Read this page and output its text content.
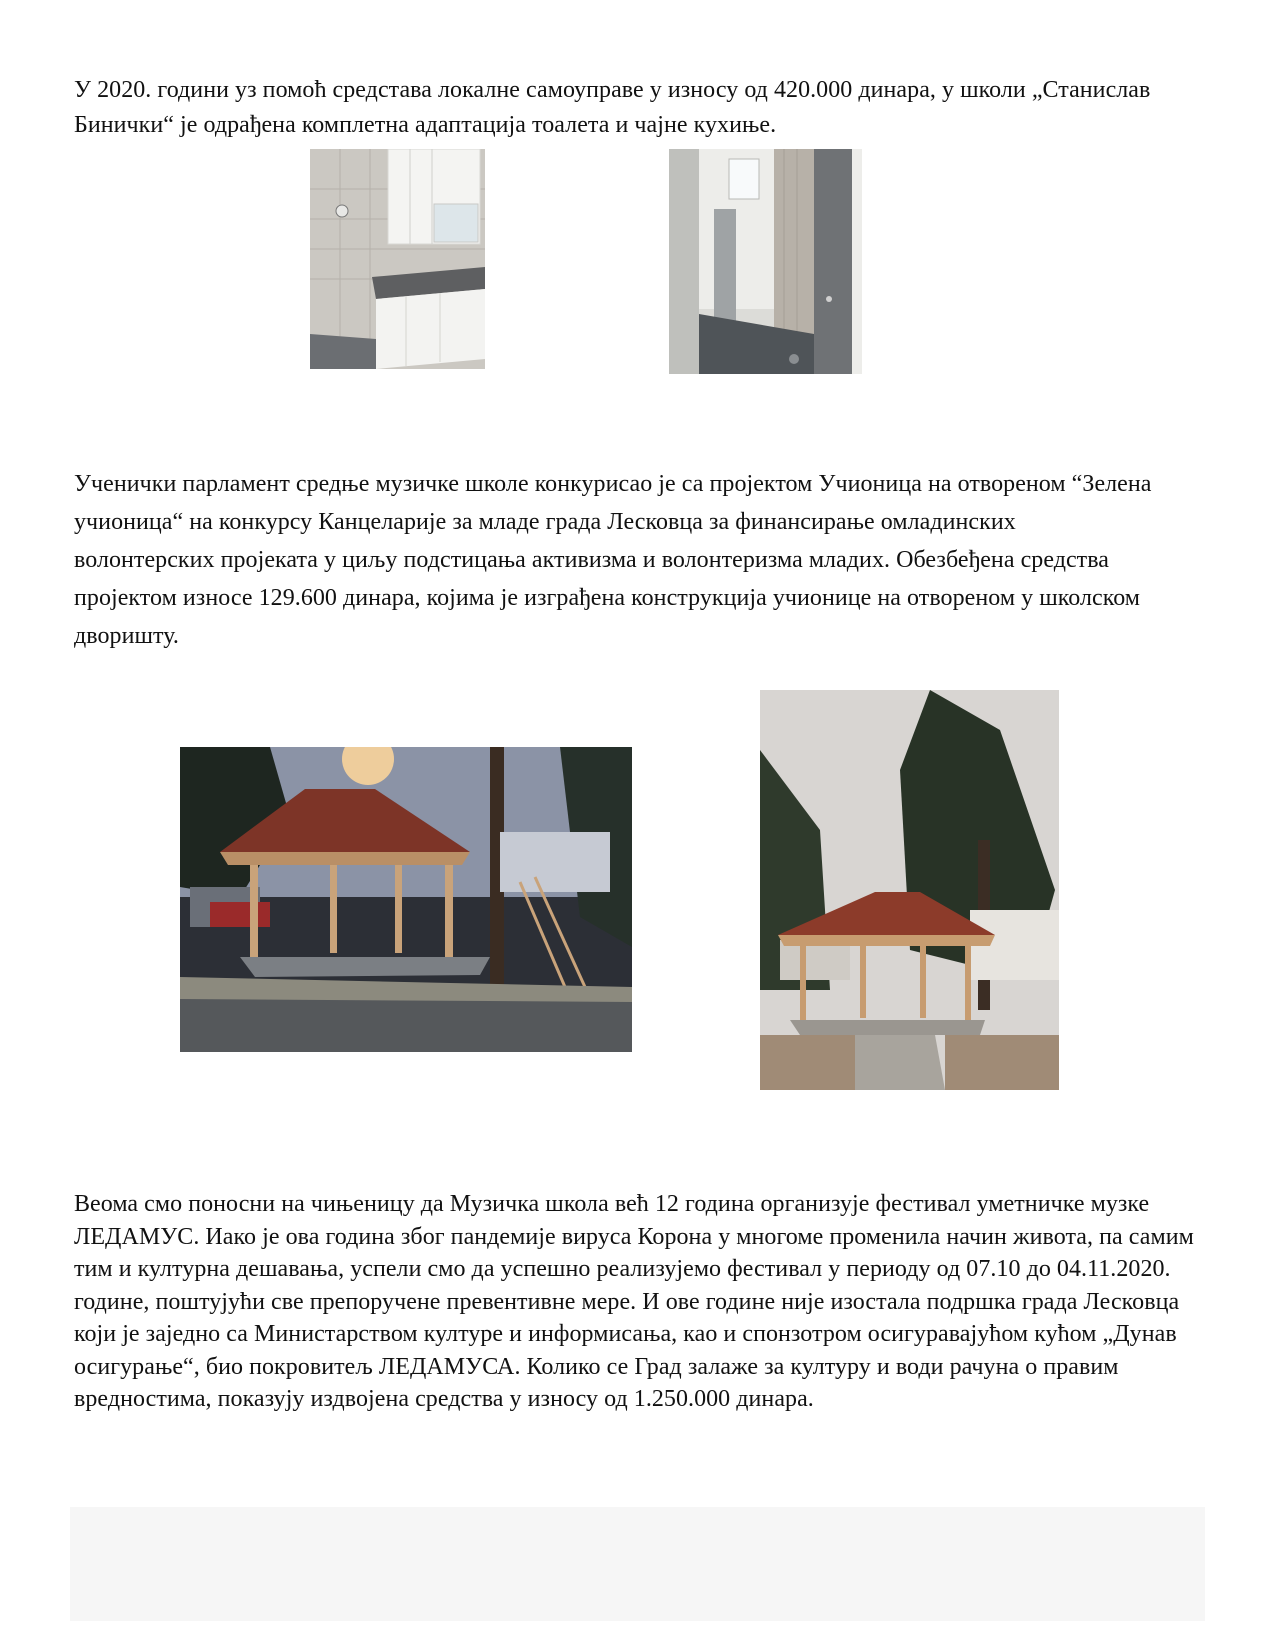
У 2020. години уз помоћ средстава локалне самоуправе у износу од 420.000 динара, у школи „Станислав Бинички“ је одрађена комплетна адаптација тоалета и чајне кухиње.

Ученички парламент средње музичке школе конкурисао је са пројектом Учионица на отвореном “Зелена учионица“ на конкурсу Канцеларије за младе града Лесковца за финансирање омладинских волонтерских пројеката у циљу подстицања активизма и волонтеризма младих. Обезбеђена средства пројектом износе 129.600 динара, којима је изграђена конструкција учионице на отвореном у школском дворишту.

Веома смо поносни на чињеницу да Музичка школа већ 12 година организује фестивал уметничке музке ЛЕДАМУС. Иако је ова година због пандемије вируса Корона у многоме променила начин живота, па самим тим и културна дешавања, успели смо да успешно реализујемо фестивал у периоду од 07.10 до 04.11.2020. године, поштујући све препоручене превентивне мере. И ове године није изостала подршка града Лесковца који је заједно са Министарством културе и информисања, као и спонзотром осигуравајућом кућом „Дунав осигурање“, био покровитељ ЛЕДАМУСА. Колико се Град залаже за културу и води рачуна о правим вредностима, показују издвојена средства у износу од 1.250.000 динара.
